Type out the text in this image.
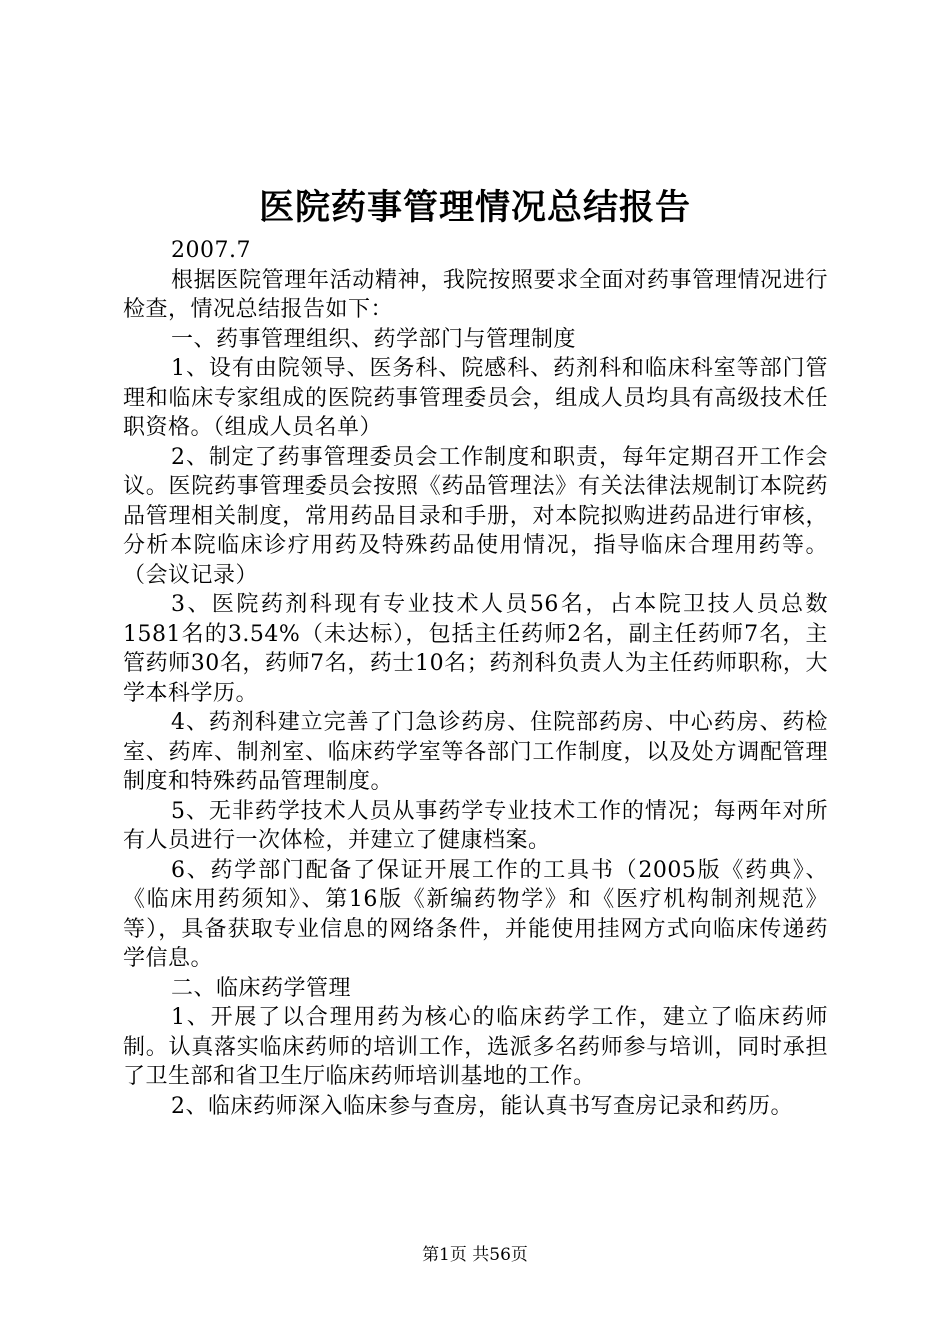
医院药事管理情况总结报告

2007.7

根据医院管理年活动精神，我院按照要求全面对药事管理情况进行检查，情况总结报告如下：

一、药事管理组织、药学部门与管理制度

1、设有由院领导、医务科、院感科、药剂科和临床科室等部门管理和临床专家组成的医院药事管理委员会，组成人员均具有高级技术任职资格。（组成人员名单）

2、制定了药事管理委员会工作制度和职责，每年定期召开工作会议。医院药事管理委员会按照《药品管理法》有关法律法规制订本院药品管理相关制度，常用药品目录和手册，对本院拟购进药品进行审核，分析本院临床诊疗用药及特殊药品使用情况，指导临床合理用药等。（会议记录）

3、医院药剂科现有专业技术人员56名，占本院卫技人员总数1581名的3.54%（未达标），包括主任药师2名，副主任药师7名，主管药师30名，药师7名，药士10名；药剂科负责人为主任药师职称，大学本科学历。

4、药剂科建立完善了门急诊药房、住院部药房、中心药房、药检室、药库、制剂室、临床药学室等各部门工作制度，以及处方调配管理制度和特殊药品管理制度。

5、无非药学技术人员从事药学专业技术工作的情况；每两年对所有人员进行一次体检，并建立了健康档案。

6、药学部门配备了保证开展工作的工具书（2005版《药典》、《临床用药须知》、第16版《新编药物学》和《医疗机构制剂规范》等），具备获取专业信息的网络条件，并能使用挂网方式向临床传递药学信息。

二、临床药学管理

1、开展了以合理用药为核心的临床药学工作，建立了临床药师制。认真落实临床药师的培训工作，选派多名药师参与培训，同时承担了卫生部和省卫生厅临床药师培训基地的工作。

2、临床药师深入临床参与查房，能认真书写查房记录和药历。

第1页 共56页
